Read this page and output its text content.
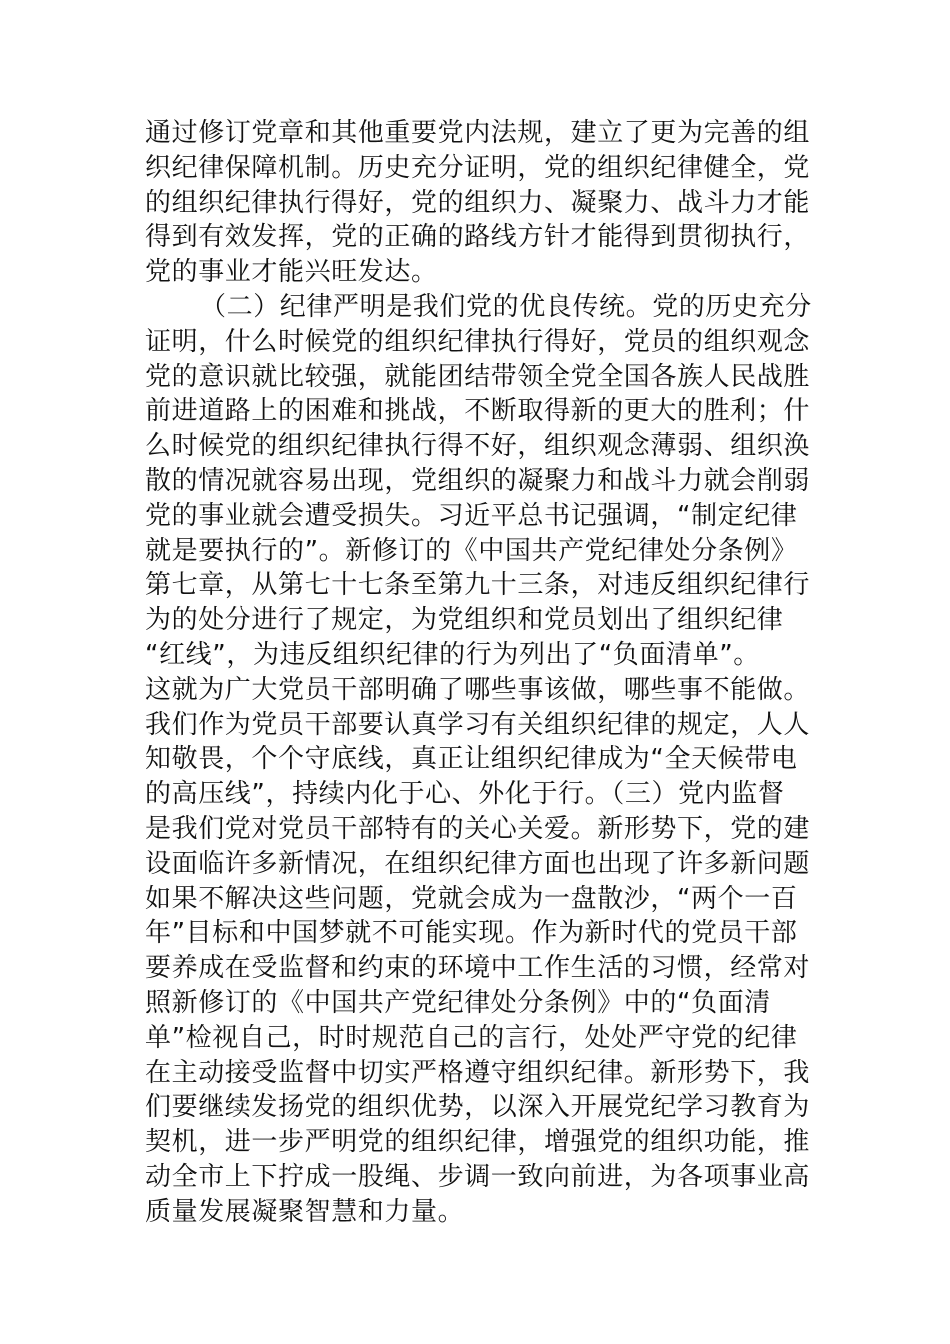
通过修订党章和其他重要党内法规，建立了更为完善的组
织纪律保障机制。历史充分证明，党的组织纪律健全，党
的组织纪律执行得好，党的组织力、凝聚力、战斗力才能
得到有效发挥，党的正确的路线方针才能得到贯彻执行，
党的事业才能兴旺发达。
（二）纪律严明是我们党的优良传统。党的历史充分
证明，什么时候党的组织纪律执行得好，党员的组织观念
党的意识就比较强，就能团结带领全党全国各族人民战胜
前进道路上的困难和挑战，不断取得新的更大的胜利；什
么时候党的组织纪律执行得不好，组织观念薄弱、组织涣
散的情况就容易出现，党组织的凝聚力和战斗力就会削弱
党的事业就会遭受损失。习近平总书记强调，“制定纪律
就是要执行的”。新修订的《中国共产党纪律处分条例》
第七章，从第七十七条至第九十三条，对违反组织纪律行
为的处分进行了规定，为党组织和党员划出了组织纪律
“红线”，为违反组织纪律的行为列出了“负面清单”。
这就为广大党员干部明确了哪些事该做，哪些事不能做。
我们作为党员干部要认真学习有关组织纪律的规定，人人
知敬畏，个个守底线，真正让组织纪律成为“全天候带电
的高压线”，持续内化于心、外化于行。（三）党内监督
是我们党对党员干部特有的关心关爱。新形势下，党的建
设面临许多新情况，在组织纪律方面也出现了许多新问题
如果不解决这些问题，党就会成为一盘散沙，“两个一百
年”目标和中国梦就不可能实现。作为新时代的党员干部
要养成在受监督和约束的环境中工作生活的习惯，经常对
照新修订的《中国共产党纪律处分条例》中的“负面清
单”检视自己，时时规范自己的言行，处处严守党的纪律
在主动接受监督中切实严格遵守组织纪律。新形势下，我
们要继续发扬党的组织优势，以深入开展党纪学习教育为
契机，进一步严明党的组织纪律，增强党的组织功能，推
动全市上下拧成一股绳、步调一致向前进，为各项事业高
质量发展凝聚智慧和力量。
